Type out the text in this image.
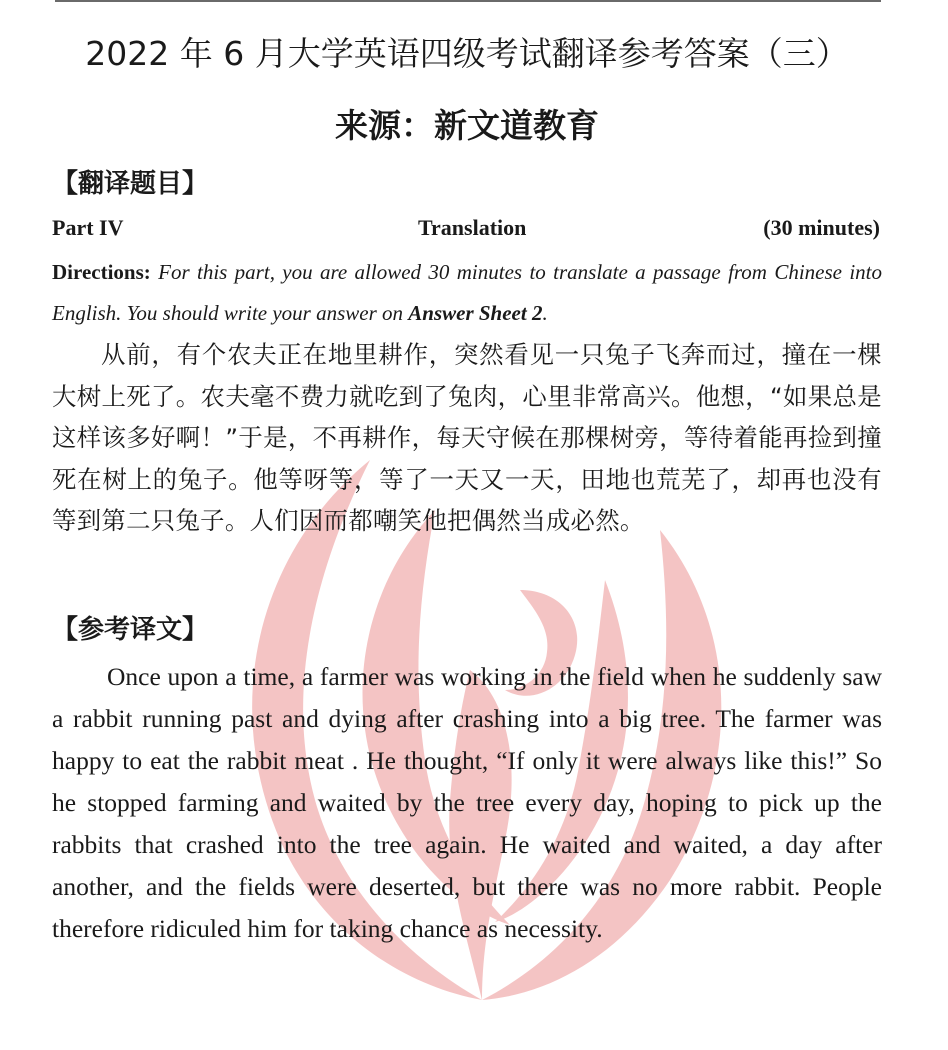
2022 年 6 月大学英语四级考试翻译参考答案（三）
来源：新文道教育
【翻译题目】
Part IV	Translation	(30 minutes)
Directions: For this part, you are allowed 30 minutes to translate a passage from Chinese into English. You should write your answer on Answer Sheet 2.
从前，有个农夫正在地里耕作，突然看见一只兔子飞奔而过，撞在一棵大树上死了。农夫毫不费力就吃到了兔肉，心里非常高兴。他想，“如果总是这样该多好啊！”于是，不再耕作，每天守候在那棵树旁，等待着能再捡到撞死在树上的兔子。他等呀等，等了一天又一天，田地也荒芜了，却再也没有等到第二只兔子。人们因而都嘲笑他把偶然当成必然。
【参考译文】
Once upon a time, a farmer was working in the field when he suddenly saw a rabbit running past and dying after crashing into a big tree. The farmer was happy to eat the rabbit meat . He thought, “If only it were always like this!” So he stopped farming and waited by the tree every day, hoping to pick up the rabbits that crashed into the tree again. He waited and waited, a day after another, and the fields were deserted, but there was no more rabbit. People therefore ridiculed him for taking chance as necessity.
